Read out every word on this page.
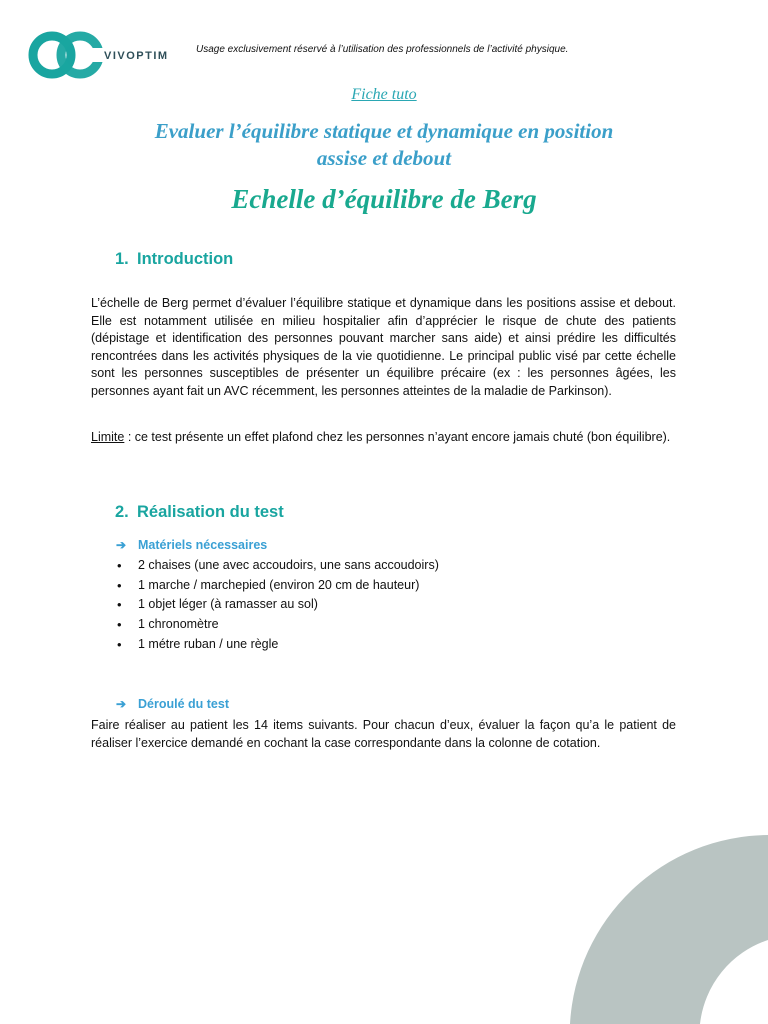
VIVOPTIM
Usage exclusivement réservé à l’utilisation des professionnels de l’activité physique.
Fiche tuto
Evaluer l’équilibre statique et dynamique en position
assise et debout
Echelle d’équilibre de Berg
1. Introduction
L’échelle de Berg permet d’évaluer l’équilibre statique et dynamique dans les positions assise et debout. Elle est notamment utilisée en milieu hospitalier afin d’apprécier le risque de chute des patients (dépistage et identification des personnes pouvant marcher sans aide) et ainsi prédire les difficultés rencontrées dans les activités physiques de la vie quotidienne. Le principal public visé par cette échelle sont les personnes susceptibles de présenter un équilibre précaire (ex : les personnes âgées, les personnes ayant fait un AVC récemment, les personnes atteintes de la maladie de Parkinson).
Limite : ce test présente un effet plafond chez les personnes n’ayant encore jamais chuté (bon équilibre).
2. Réalisation du test
➔ Matériels nécessaires
• 2 chaises (une avec accoudoirs, une sans accoudoirs)
• 1 marche / marchepied (environ 20 cm de hauteur)
• 1 objet léger (à ramasser au sol)
• 1 chronomètre
• 1 métre ruban / une règle
➔ Déroulé du test
Faire réaliser au patient les 14 items suivants. Pour chacun d’eux, évaluer la façon qu’a le patient de réaliser l’exercice demandé en cochant la case correspondante dans la colonne de cotation.
